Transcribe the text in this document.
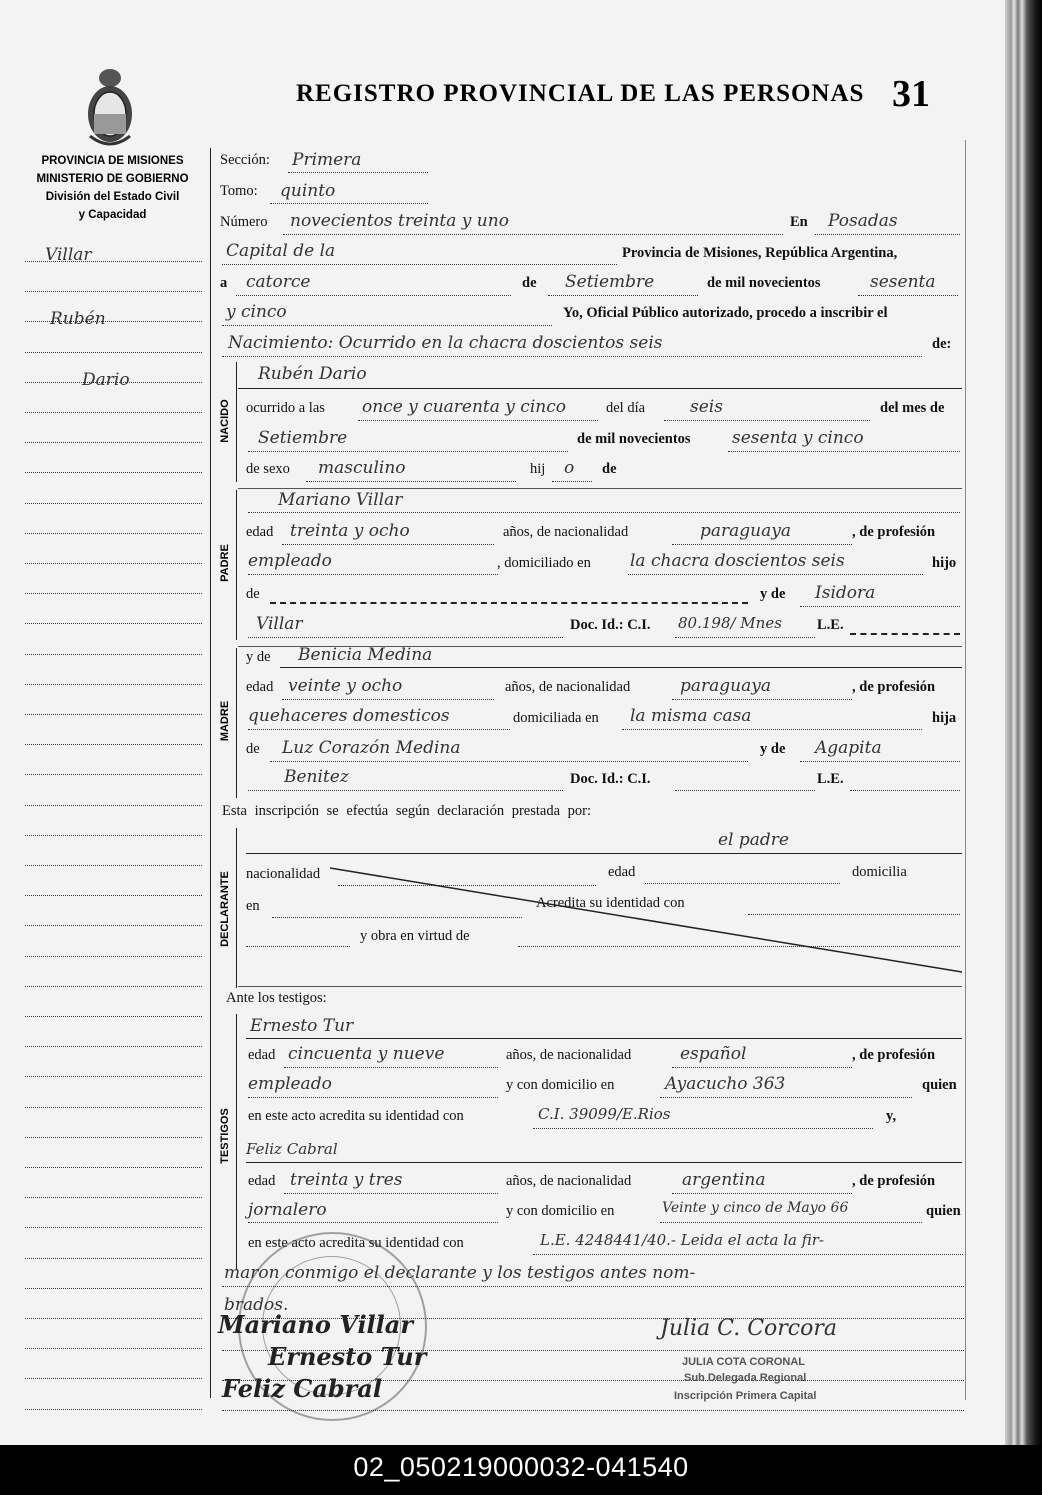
REGISTRO PROVINCIAL DE LAS PERSONAS 31
PROVINCIA DE MISIONES
MINISTERIO DE GOBIERNO
División del Estado Civil
y Capacidad
Villar
Rubén
Dario
Sección: Primera
Tomo: quinto
Número novecientos treinta y uno	En Posadas
Capital de la	Provincia de Misiones, República Argentina,
a catorce	de Setiembre	de mil novecientos	sesenta
y cinco	Yo, Oficial Público autorizado, procedo a inscribir el
Nacimiento: Ocurrido en la chacra doscientos seis	de:
NACIDO
Rubén Dario
ocurrido a las once y cuarenta y cinco	del día	seis	del mes de
Setiembre	de mil novecientos sesenta y cinco
de sexo masculino	hij o de
PADRE
Mariano Villar
edad treinta y ocho	años, de nacionalidad	paraguaya	, de profesión
empleado	, domiciliado en la chacra doscientos seis	hijo
de	y de Isidora
Villar	Doc. Id.: C.I. 80.198/ Mnes L.E.
MADRE
y de Benicia Medina
edad veinte y ocho	años, de nacionalidad	paraguaya	, de profesión
quehaceres domesticos	domiciliada en la misma casa	hija
de Luz Corazón Medina	y de Agapita
Benitez	Doc. Id.: C.I.	L.E.
Esta inscripción se efectúa según declaración prestada por:
DECLARANTE
el padre
nacionalidad	edad	domicilia
en	Acredita su identidad con
y obra en virtud de
Ante los testigos:
TESTIGOS
Ernesto Tur
edad cincuenta y nueve	años, de nacionalidad	español	, de profesión
empleado	y con domicilio en	Ayacucho 363	quien
en este acto acredita su identidad con	C.I. 39099/E.Rios	y,
Feliz Cabral
edad treinta y tres	años, de nacionalidad	argentina	, de profesión
jornalero	y con domicilio en	Veinte y cinco de Mayo 66	quien
en este acto acredita su identidad con	L.E. 4248441/40.- Leida el acta la fir-
maron conmigo el declarante y los testigos antes nom-
brados.
Mariano Villar
Ernesto Tur
Feliz Cabral
Julia C. Corcora
JULIA COTA CORONAL
Sub Delegada Regional
Inscripción Primera Capital
02_050219000032-041540
